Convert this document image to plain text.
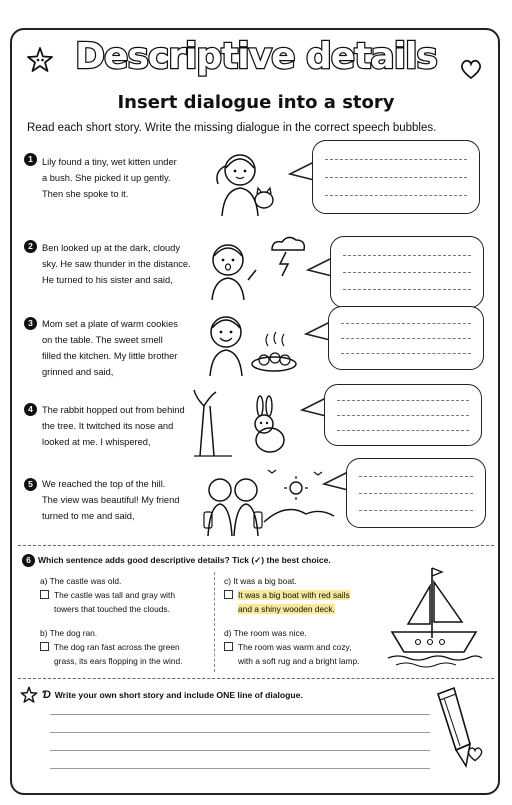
Descriptive details
Insert dialogue into a story
Read each short story. Write the missing dialogue in the correct speech bubbles.
1 Lily found a tiny, wet kitten under
a bush. She picked it up gently.
Then she spoke to it.
2 Ben looked up at the dark, cloudy
sky. He saw thunder in the distance.
He turned to his sister and said,
3 Mom set a plate of warm cookies
on the table. The sweet smell
filled the kitchen. My little brother
grinned and said,
4 The rabbit hopped out from behind
the tree. It twitched its nose and
looked at me. I whispered,
5 We reached the top of the hill.
The view was beautiful! My friend
turned to me and said,
6 Which sentence adds good descriptive details? Tick (✓) the best choice.
a) The castle was old.
The castle was tall and gray with
towers that touched the clouds.
b) The dog ran.
The dog ran fast across the green
grass, its ears flopping in the wind.
c) It was a big boat.
It was a big boat with red sails
and a shiny wooden deck.
d) The room was nice.
The room was warm and cozy,
with a soft rug and a bright lamp.
Ɗ Write your own short story and include ONE line of dialogue.
